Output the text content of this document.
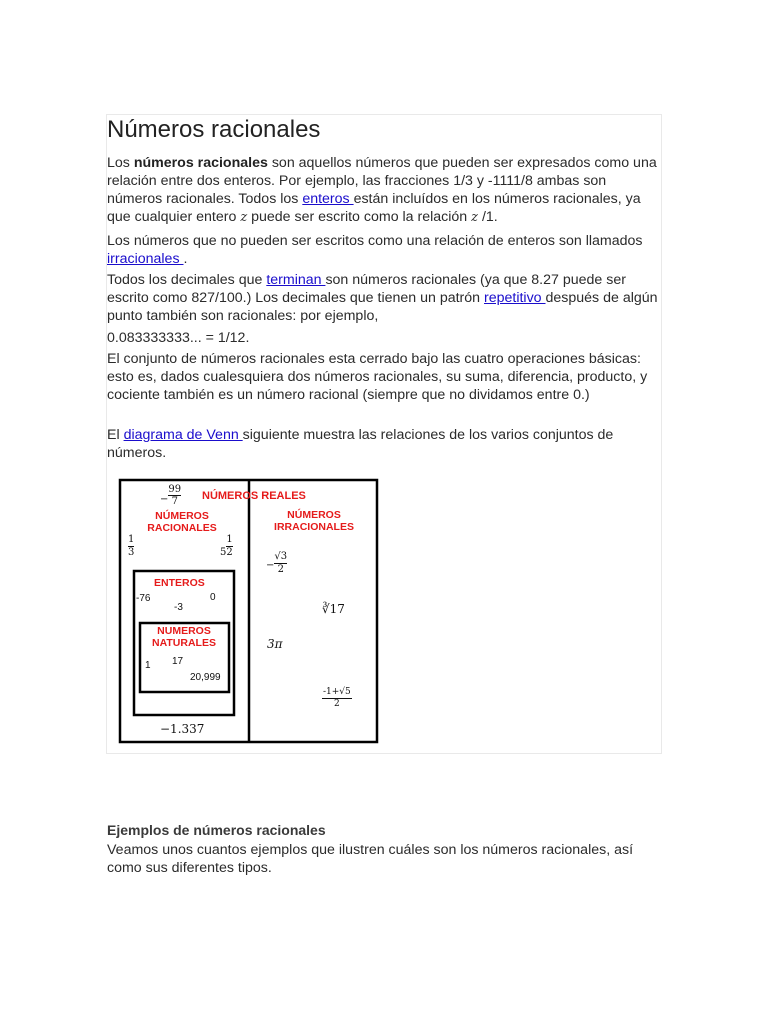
Números racionales

Los números racionales son aquellos números que pueden ser expresados como una relación entre dos enteros. Por ejemplo, las fracciones 1/3 y -1111/8 ambas son números racionales. Todos los enteros están incluídos en los números racionales, ya que cualquier entero z puede ser escrito como la relación z /1.

Los números que no pueden ser escritos como una relación de enteros son llamados irracionales .

Todos los decimales que terminan son números racionales (ya que 8.27 puede ser escrito como 827/100.) Los decimales que tienen un patrón repetitivo después de algún punto también son racionales: por ejemplo,

0.083333333... = 1/12.

El conjunto de números racionales esta cerrado bajo las cuatro operaciones básicas: esto es, dados cualesquiera dos números racionales, su suma, diferencia, producto, y cociente también es un número racional (siempre que no dividamos entre 0.)

El diagrama de Venn siguiente muestra las relaciones de los varios conjuntos de números.

NÚMEROS REALES
NÚMEROS RACIONALES
NÚMEROS IRRACIONALES
ENTEROS
NUMEROS NATURALES
− $\frac{99}{7}$
1
3	$5 \frac{1}{2}$
-76	0
-3
1 17
20,999
−1.337
− $\frac{√3}{2}$
∛17
3π
-1+√5
2
Ejemplos de números racionales

Veamos unos cuantos ejemplos que ilustren cuáles son los números racionales, así como sus diferentes tipos.
